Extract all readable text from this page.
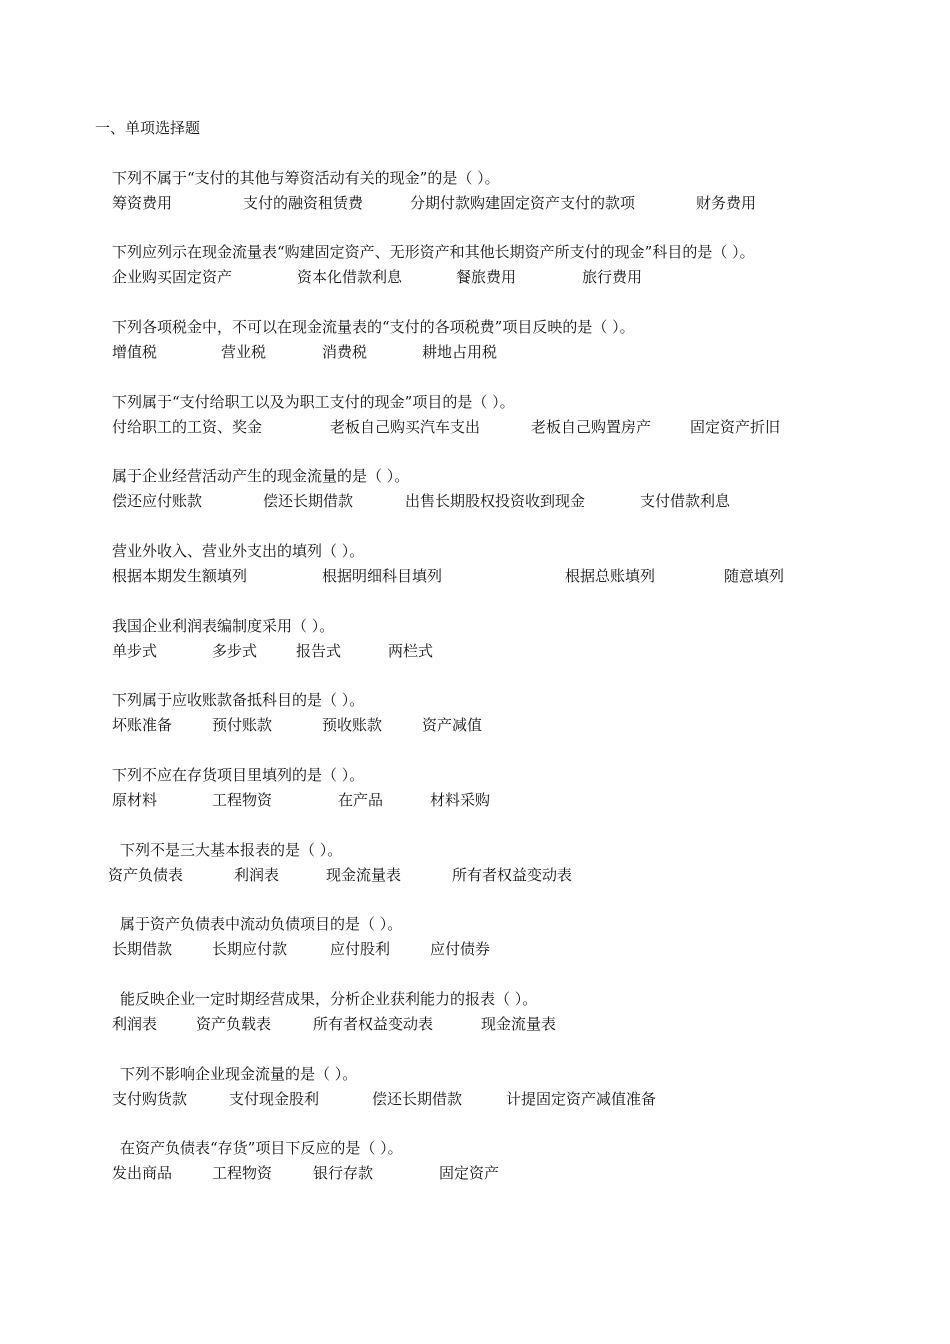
一、单项选择题
下列不属于“支付的其他与筹资活动有关的现金”的是（ ）。
筹资费用	支付的融资租赁费	分期付款购建固定资产支付的款项	财务费用
下列应列示在现金流量表“购建固定资产、无形资产和其他长期资产所支付的现金”科目的是（ ）。
企业购买固定资产	资本化借款利息	餐旅费用	旅行费用
下列各项税金中，不可以在现金流量表的“支付的各项税费”项目反映的是（ ）。
增值税	营业税	消费税	耕地占用税
下列属于“支付给职工以及为职工支付的现金”项目的是（ ）。
付给职工的工资、奖金	老板自己购买汽车支出	老板自己购置房产	固定资产折旧
属于企业经营活动产生的现金流量的是（ ）。
偿还应付账款	偿还长期借款	出售长期股权投资收到现金	支付借款利息
营业外收入、营业外支出的填列（ ）。
根据本期发生额填列	根据明细科目填列	根据总账填列	随意填列
我国企业利润表编制度采用（ ）。
单步式	多步式	报告式	两栏式
下列属于应收账款备抵科目的是（ ）。
坏账准备	预付账款	预收账款	资产减值
下列不应在存货项目里填列的是（ ）。
原材料	工程物资	在产品	材料采购
下列不是三大基本报表的是（ ）。
资产负债表	利润表	现金流量表	所有者权益变动表
属于资产负债表中流动负债项目的是（ ）。
长期借款	长期应付款	应付股利	应付债券
能反映企业一定时期经营成果，分析企业获利能力的报表（ ）。
利润表	资产负载表	所有者权益变动表	现金流量表
下列不影响企业现金流量的是（ ）。
支付购货款	支付现金股利	偿还长期借款	计提固定资产减值准备
在资产负债表“存货”项目下反应的是（ ）。
发出商品	工程物资	银行存款	固定资产
